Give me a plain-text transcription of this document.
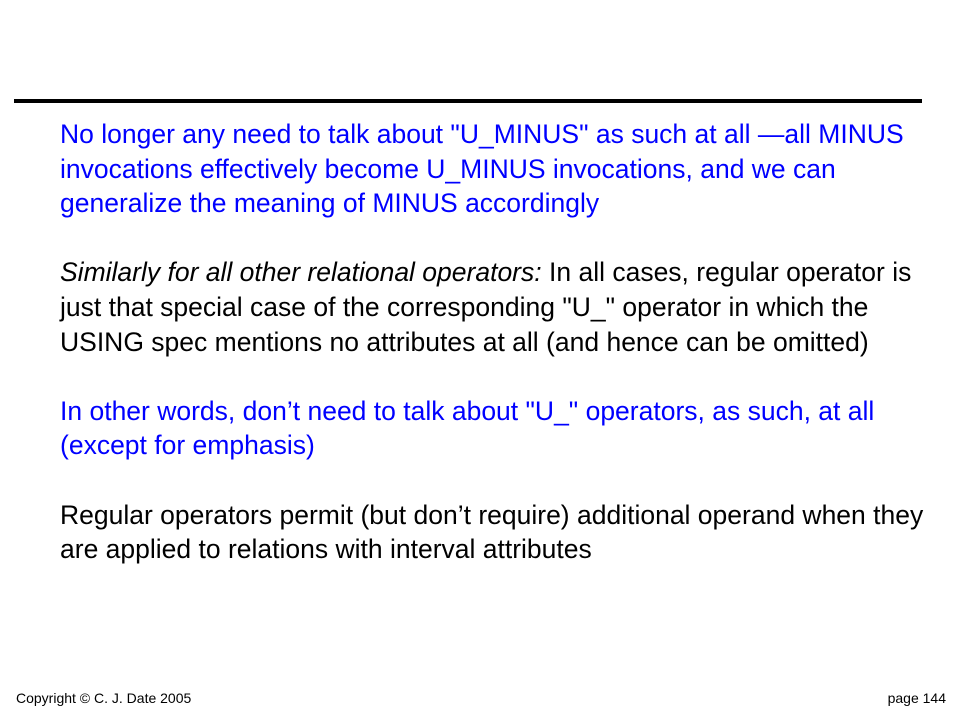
No longer any need to talk about "U_MINUS" as such at all —all MINUS invocations effectively become U_MINUS invocations, and we can generalize the meaning of MINUS accordingly

Similarly for all other relational operators: In all cases, regular operator is just that special case of the corresponding "U_" operator in which the USING spec mentions no attributes at all (and hence can be omitted)

In other words, don’t need to talk about "U_" operators, as such, at all (except for emphasis)

Regular operators permit (but don’t require) additional operand when they are applied to relations with interval attributes

Copyright © C. J. Date 2005	page 144
